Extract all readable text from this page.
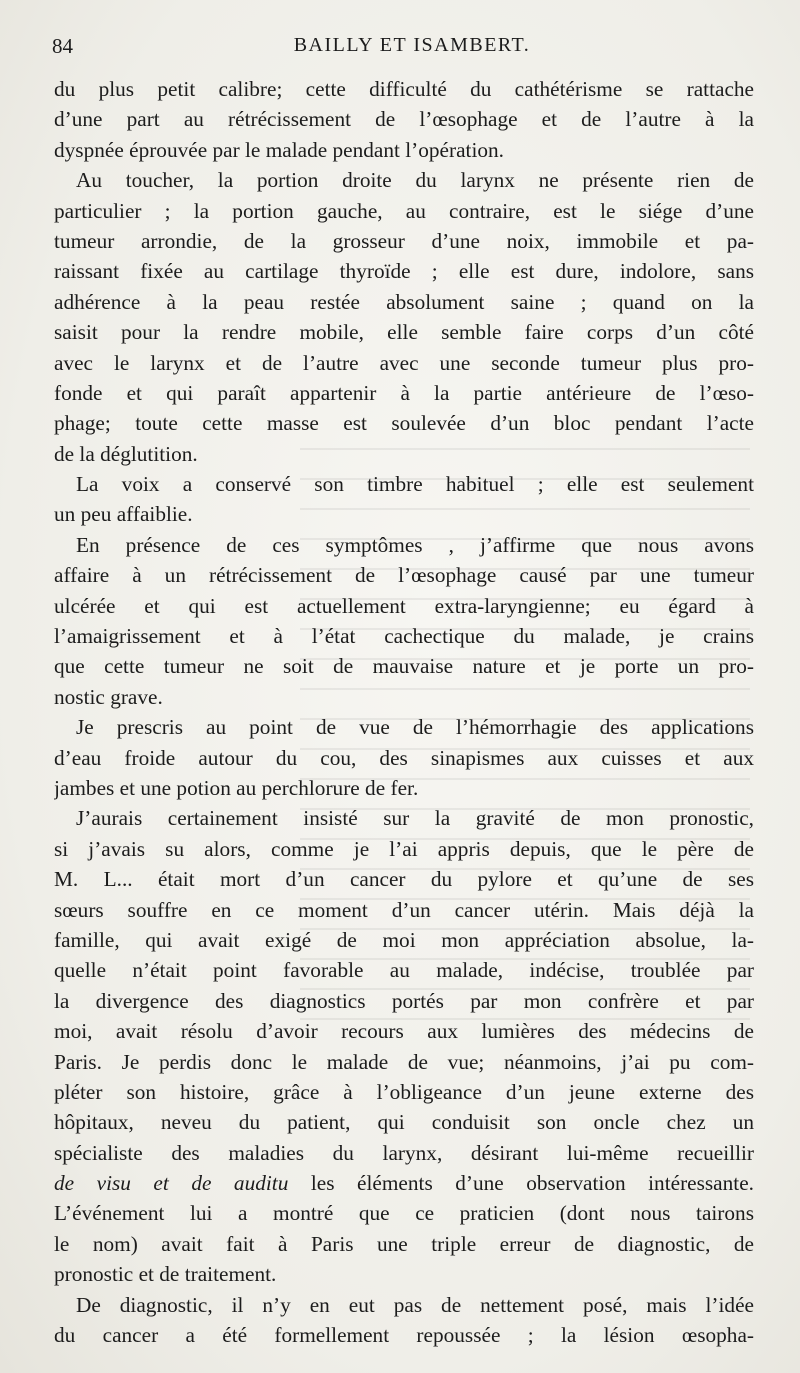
84	BAILLY ET ISAMBERT.
du plus petit calibre; cette difficulté du cathétérisme se rattache
d’une part au rétrécissement de l’œsophage et de l’autre à la
dyspnée éprouvée par le malade pendant l’opération.
Au toucher, la portion droite du larynx ne présente rien de
particulier ; la portion gauche, au contraire, est le siége d’une
tumeur arrondie, de la grosseur d’une noix, immobile et pa-
raissant fixée au cartilage thyroïde ; elle est dure, indolore, sans
adhérence à la peau restée absolument saine ; quand on la
saisit pour la rendre mobile, elle semble faire corps d’un côté
avec le larynx et de l’autre avec une seconde tumeur plus pro-
fonde et qui paraît appartenir à la partie antérieure de l’œso-
phage; toute cette masse est soulevée d’un bloc pendant l’acte
de la déglutition.
La voix a conservé son timbre habituel ; elle est seulement
un peu affaiblie.
En présence de ces symptômes , j’affirme que nous avons
affaire à un rétrécissement de l’œsophage causé par une tumeur
ulcérée et qui est actuellement extra-laryngienne; eu égard à
l’amaigrissement et à l’état cachectique du malade, je crains
que cette tumeur ne soit de mauvaise nature et je porte un pro-
nostic grave.
Je prescris au point de vue de l’hémorrhagie des applications
d’eau froide autour du cou, des sinapismes aux cuisses et aux
jambes et une potion au perchlorure de fer.
J’aurais certainement insisté sur la gravité de mon pronostic,
si j’avais su alors, comme je l’ai appris depuis, que le père de
M. L... était mort d’un cancer du pylore et qu’une de ses
sœurs souffre en ce moment d’un cancer utérin. Mais déjà la
famille, qui avait exigé de moi mon appréciation absolue, la-
quelle n’était point favorable au malade, indécise, troublée par
la divergence des diagnostics portés par mon confrère et par
moi, avait résolu d’avoir recours aux lumières des médecins de
Paris. Je perdis donc le malade de vue; néanmoins, j’ai pu com-
pléter son histoire, grâce à l’obligeance d’un jeune externe des
hôpitaux, neveu du patient, qui conduisit son oncle chez un
spécialiste des maladies du larynx, désirant lui-même recueillir
de visu et de auditu les éléments d’une observation intéressante.
L’événement lui a montré que ce praticien (dont nous tairons
le nom) avait fait à Paris une triple erreur de diagnostic, de
pronostic et de traitement.
De diagnostic, il n’y en eut pas de nettement posé, mais l’idée
du cancer a été formellement repoussée ; la lésion œsopha-
